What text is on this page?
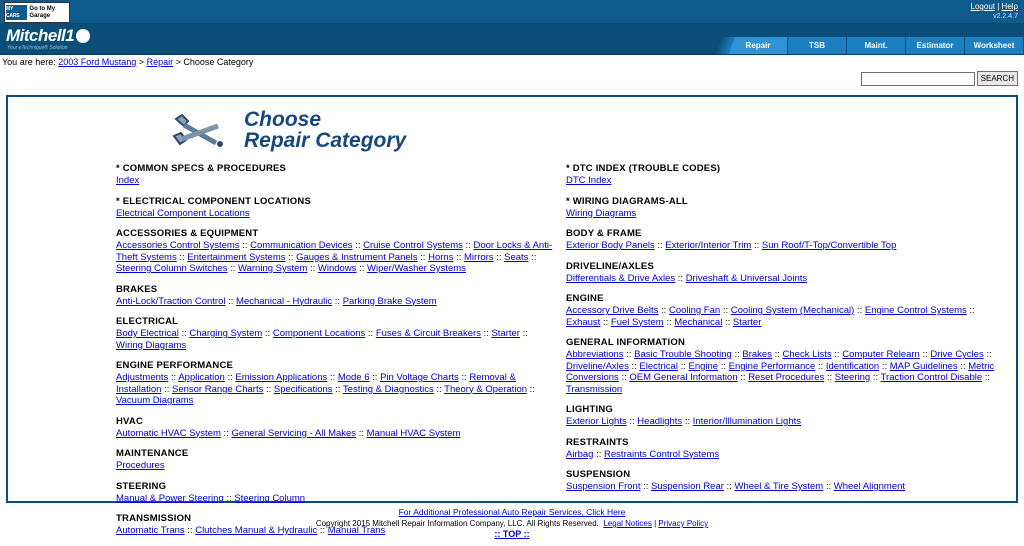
MY CARS
Go to My Garage
Logout | Help
v2.2.4.7
Mitchell1
Your eTechnique® Solution	Repair	TSB	Maint.	Estimator	Worksheet
You are here: 2003 Ford Mustang > Repair > Choose Category
SEARCH
Choose
Repair Category
* COMMON SPECS & PROCEDURES
Index
* ELECTRICAL COMPONENT LOCATIONS
Electrical Component Locations
ACCESSORIES & EQUIPMENT
Accessories Control Systems :: Communication Devices :: Cruise Control Systems :: Door Locks & Anti-Theft Systems :: Entertainment Systems :: Gauges & Instrument Panels :: Horns :: Mirrors :: Seats :: Steering Column Switches :: Warning System :: Windows :: Wiper/Washer Systems
BRAKES
Anti-Lock/Traction Control :: Mechanical - Hydraulic :: Parking Brake System
ELECTRICAL
Body Electrical :: Charging System :: Component Locations :: Fuses & Circuit Breakers :: Starter :: Wiring Diagrams
ENGINE PERFORMANCE
Adjustments :: Application :: Emission Applications :: Mode 6 :: Pin Voltage Charts :: Removal & Installation :: Sensor Range Charts :: Specifications :: Testing & Diagnostics :: Theory & Operation :: Vacuum Diagrams
HVAC
Automatic HVAC System :: General Servicing - All Makes :: Manual HVAC System
MAINTENANCE
Procedures
STEERING
Manual & Power Steering :: Steering Column
TRANSMISSION
Automatic Trans :: Clutches Manual & Hydraulic :: Manual Trans
* DTC INDEX (TROUBLE CODES)
DTC Index
* WIRING DIAGRAMS-ALL
Wiring Diagrams
BODY & FRAME
Exterior Body Panels :: Exterior/Interior Trim :: Sun Roof/T-Top/Convertible Top
DRIVELINE/AXLES
Differentials & Drive Axles :: Driveshaft & Universal Joints
ENGINE
Accessory Drive Belts :: Cooling Fan :: Cooling System (Mechanical) :: Engine Control Systems :: Exhaust :: Fuel System :: Mechanical :: Starter
GENERAL INFORMATION
Abbreviations :: Basic Trouble Shooting :: Brakes :: Check Lists :: Computer Relearn :: Drive Cycles :: Driveline/Axles :: Electrical :: Engine :: Engine Performance :: Identification :: MAP Guidelines :: Metric Conversions :: OEM General Information :: Reset Procedures :: Steering :: Traction Control Disable :: Transmission
LIGHTING
Exterior Lights :: Headlights :: Interior/Illumination Lights
RESTRAINTS
Airbag :: Restraints Control Systems
SUSPENSION
Suspension Front :: Suspension Rear :: Wheel & Tire System :: Wheel Alignment
For Additional Professional Auto Repair Services, Click Here
Copyright 2015 Mitchell Repair Information Company, LLC. All Rights Reserved. Legal Notices | Privacy Policy
:: TOP ::
